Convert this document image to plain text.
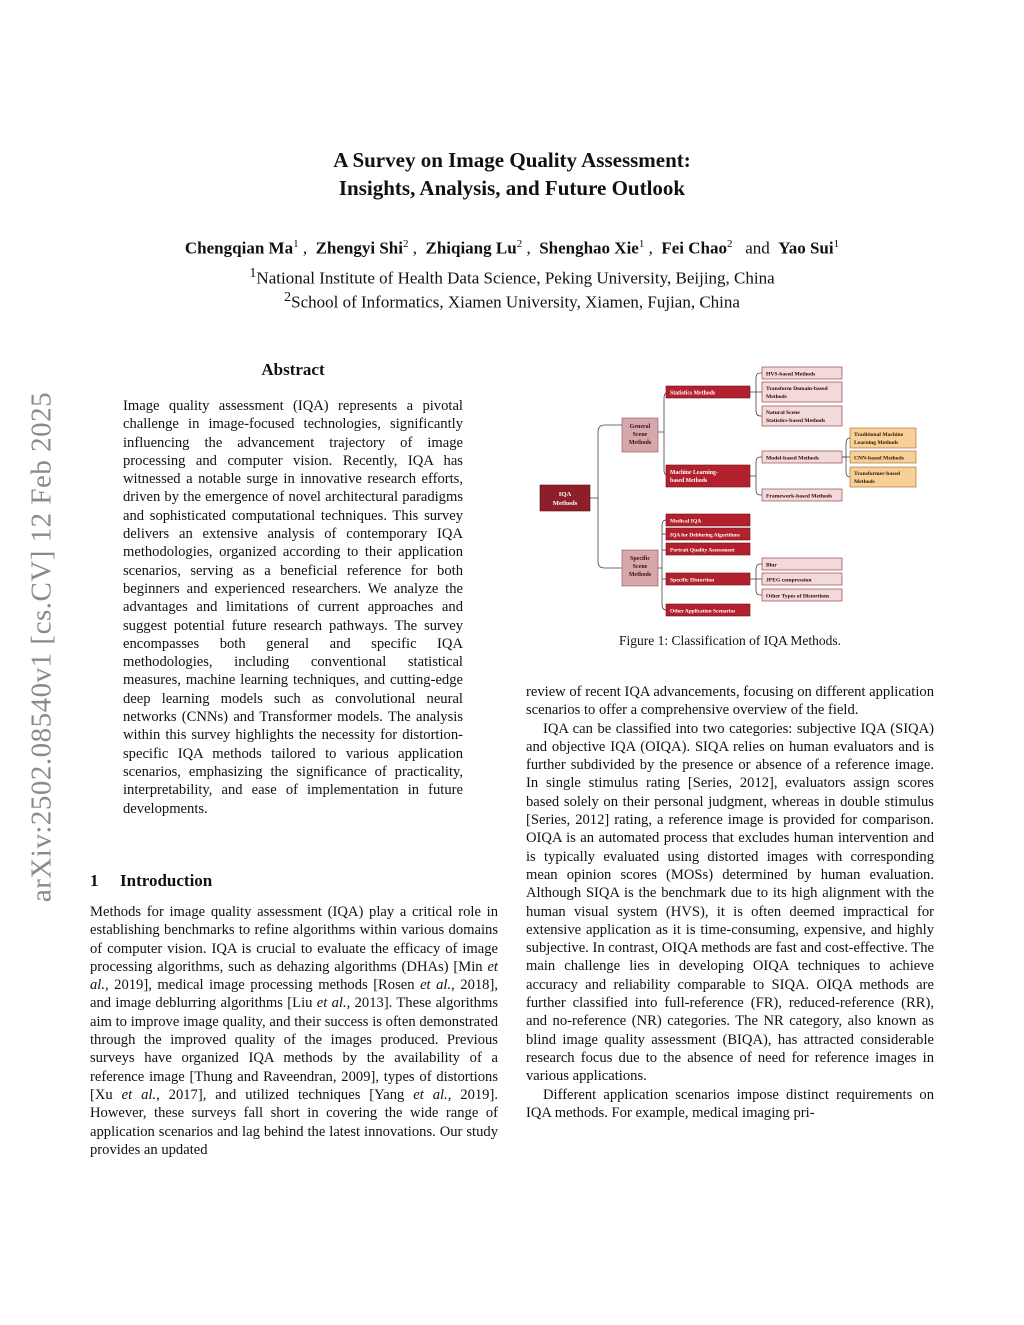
arXiv:2502.08540v1 [cs.CV] 12 Feb 2025
A Survey on Image Quality Assessment:
Insights, Analysis, and Future Outlook
Chengqian Ma$^1$ ,  Zhengyi Shi$^2$ ,  Zhiqiang Lu$^2$ ,  Shenghao Xie$^1$ ,  Fei Chao$^2$ and Yao Sui$^1$
$^1$National Institute of Health Data Science, Peking University, Beijing, China
$^2$School of Informatics, Xiamen University, Xiamen, Fujian, China
Abstract
Image quality assessment (IQA) represents a pivotal challenge in image-focused technologies, significantly influencing the advancement trajectory of image processing and computer vision. Recently, IQA has witnessed a notable surge in innovative research efforts, driven by the emergence of novel architectural paradigms and sophisticated computational techniques. This survey delivers an extensive analysis of contemporary IQA methodologies, organized according to their application scenarios, serving as a beneficial reference for both beginners and experienced researchers. We analyze the advantages and limitations of current approaches and suggest potential future research pathways. The survey encompasses both general and specific IQA methodologies, including conventional statistical measures, machine learning techniques, and cutting-edge deep learning models such as convolutional neural networks (CNNs) and Transformer models. The analysis within this survey highlights the necessity for distortion-specific IQA methods tailored to various application scenarios, emphasizing the significance of practicality, interpretability, and ease of implementation in future developments.
1 Introduction

Methods for image quality assessment (IQA) play a critical role in establishing benchmarks to refine algorithms within various domains of computer vision. IQA is crucial to evaluate the efficacy of image processing algorithms, such as dehazing algorithms (DHAs) [Min et al., 2019], medical image processing methods [Rosen et al., 2018], and image deblurring algorithms [Liu et al., 2013]. These algorithms aim to improve image quality, and their success is often demonstrated through the improved quality of the images produced. Previous surveys have organized IQA methods by the availability of a reference image [Thung and Raveendran, 2009], types of distortions [Xu et al., 2017], and utilized techniques [Yang et al., 2019]. However, these surveys fall short in covering the wide range of application scenarios and lag behind the latest innovations. Our study provides an updated

IQA
Methods
General
Scene
Methods
Specific
Scene
Methods
Statistics Methods
Machine Learning-
based Methods
HVS-based Methods
Transform Domain-based
Methods
Natural Scene
Statistics-based Methods
Model-based Methods
Framework-based Methods
Traditional Machine
Learning Methods
CNN-based Methods
Transformer-based
Methods
Medical IQA
IQA for Debluring Algorithms
Portrait Quality Assessment
Specific Distortion
Other Application Scenarios
Blur
JPEG compression
Other Types of Distortions
Figure 1: Classification of IQA Methods.

review of recent IQA advancements, focusing on different application scenarios to offer a comprehensive overview of the field.

IQA can be classified into two categories: subjective IQA (SIQA) and objective IQA (OIQA). SIQA relies on human evaluators and is further subdivided by the presence or absence of a reference image. In single stimulus rating [Series, 2012], evaluators assign scores based solely on their personal judgment, whereas in double stimulus [Series, 2012] rating, a reference image is provided for comparison. OIQA is an automated process that excludes human intervention and is typically evaluated using distorted images with corresponding mean opinion scores (MOSs) determined by human evaluation. Although SIQA is the benchmark due to its high alignment with the human visual system (HVS), it is often deemed impractical for extensive application as it is time-consuming, expensive, and highly subjective. In contrast, OIQA methods are fast and cost-effective. The main challenge lies in developing OIQA techniques to achieve accuracy and reliability comparable to SIQA. OIQA methods are further classified into full-reference (FR), reduced-reference (RR), and no-reference (NR) categories. The NR category, also known as blind image quality assessment (BIQA), has attracted considerable research focus due to the absence of need for reference images in various applications.

Different application scenarios impose distinct requirements on IQA methods. For example, medical imaging pri-
